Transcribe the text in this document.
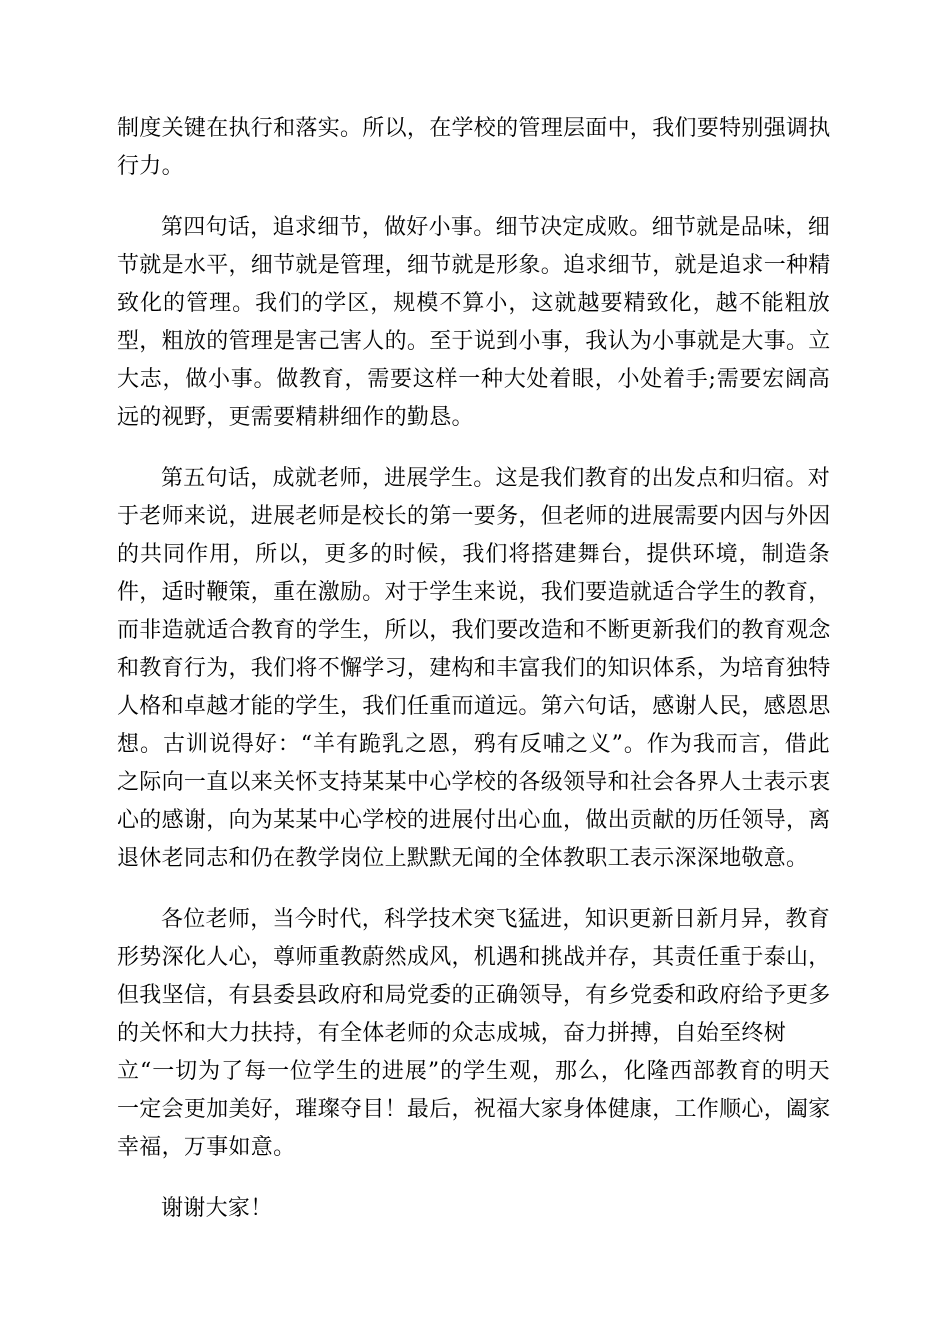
制度关键在执行和落实。所以，在学校的管理层面中，我们要特别强调执
行力。
第四句话，追求细节，做好小事。细节决定成败。细节就是品味，细
节就是水平，细节就是管理，细节就是形象。追求细节，就是追求一种精
致化的管理。我们的学区，规模不算小，这就越要精致化，越不能粗放
型，粗放的管理是害己害人的。至于说到小事，我认为小事就是大事。立
大志，做小事。做教育，需要这样一种大处着眼，小处着手;需要宏阔高
远的视野，更需要精耕细作的勤恳。
第五句话，成就老师，进展学生。这是我们教育的出发点和归宿。对
于老师来说，进展老师是校长的第一要务，但老师的进展需要内因与外因
的共同作用，所以，更多的时候，我们将搭建舞台，提供环境，制造条
件，适时鞭策，重在激励。对于学生来说，我们要造就适合学生的教育，
而非造就适合教育的学生，所以，我们要改造和不断更新我们的教育观念
和教育行为，我们将不懈学习，建构和丰富我们的知识体系，为培育独特
人格和卓越才能的学生，我们任重而道远。第六句话，感谢人民，感恩思
想。古训说得好：“羊有跪乳之恩，鸦有反哺之义”。作为我而言，借此
之际向一直以来关怀支持某某中心学校的各级领导和社会各界人士表示衷
心的感谢，向为某某中心学校的进展付出心血，做出贡献的历任领导，离
退休老同志和仍在教学岗位上默默无闻的全体教职工表示深深地敬意。
各位老师，当今时代，科学技术突飞猛进，知识更新日新月异，教育
形势深化人心，尊师重教蔚然成风，机遇和挑战并存，其责任重于泰山，
但我坚信，有县委县政府和局党委的正确领导，有乡党委和政府给予更多
的关怀和大力扶持，有全体老师的众志成城，奋力拼搏，自始至终树
立“一切为了每一位学生的进展”的学生观，那么，化隆西部教育的明天
一定会更加美好，璀璨夺目！最后，祝福大家身体健康，工作顺心，阖家
幸福，万事如意。
谢谢大家！
